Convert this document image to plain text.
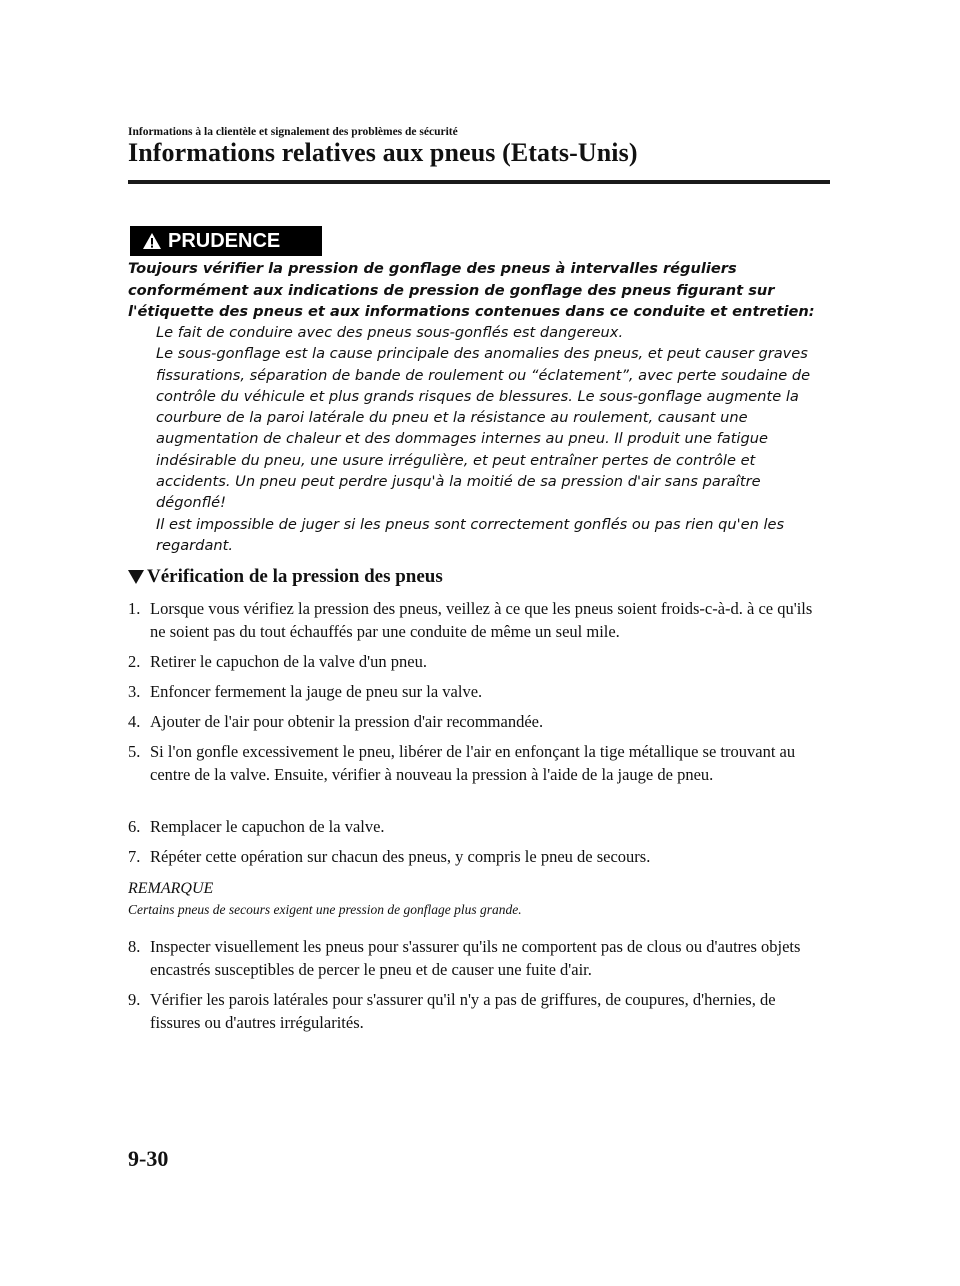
Informations à la clientèle et signalement des problèmes de sécurité
Informations relatives aux pneus (Etats-Unis)
PRUDENCE
Toujours vérifier la pression de gonflage des pneus à intervalles réguliers conformément aux indications de pression de gonflage des pneus figurant sur l'étiquette des pneus et aux informations contenues dans ce conduite et entretien:

Le fait de conduire avec des pneus sous-gonflés est dangereux.

Le sous-gonflage est la cause principale des anomalies des pneus, et peut causer graves fissurations, séparation de bande de roulement ou “éclatement”, avec perte soudaine de contrôle du véhicule et plus grands risques de blessures. Le sous-gonflage augmente la courbure de la paroi latérale du pneu et la résistance au roulement, causant une augmentation de chaleur et des dommages internes au pneu. Il produit une fatigue indésirable du pneu, une usure irrégulière, et peut entraîner pertes de contrôle et accidents. Un pneu peut perdre jusqu'à la moitié de sa pression d'air sans paraître dégonflé!

Il est impossible de juger si les pneus sont correctement gonflés ou pas rien qu'en les regardant.

Vérification de la pression des pneus
1. Lorsque vous vérifiez la pression des pneus, veillez à ce que les pneus soient froids-c-à-d. à ce qu'ils ne soient pas du tout échauffés par une conduite de même un seul mile.
2. Retirer le capuchon de la valve d'un pneu.
3. Enfoncer fermement la jauge de pneu sur la valve.
4. Ajouter de l'air pour obtenir la pression d'air recommandée.
5. Si l'on gonfle excessivement le pneu, libérer de l'air en enfonçant la tige métallique se trouvant au centre de la valve. Ensuite, vérifier à nouveau la pression à l'aide de la jauge de pneu.
6. Remplacer le capuchon de la valve.
7. Répéter cette opération sur chacun des pneus, y compris le pneu de secours.
REMARQUE
Certains pneus de secours exigent une pression de gonflage plus grande.
8. Inspecter visuellement les pneus pour s'assurer qu'ils ne comportent pas de clous ou d'autres objets encastrés susceptibles de percer le pneu et de causer une fuite d'air.
9. Vérifier les parois latérales pour s'assurer qu'il n'y a pas de griffures, de coupures, d'hernies, de fissures ou d'autres irrégularités.
9-30
